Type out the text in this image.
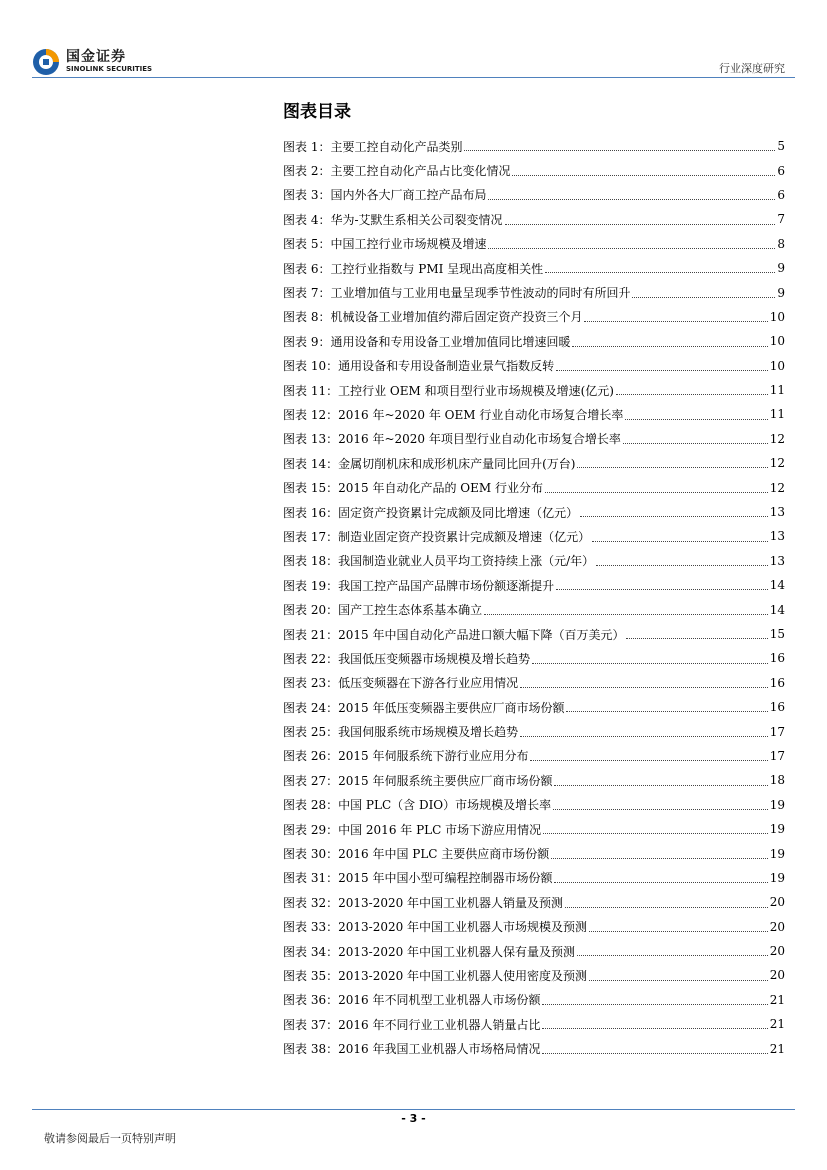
国金证券
SINOLINK SECURITIES	行业深度研究
图表目录
图表 1： 主要工控自动化产品类别	5
图表 2： 主要工控自动化产品占比变化情况	6
图表 3： 国内外各大厂商工控产品布局	6
图表 4： 华为-艾默生系相关公司裂变情况	7
图表 5： 中国工控行业市场规模及增速	8
图表 6： 工控行业指数与 PMI 呈现出高度相关性	9
图表 7： 工业增加值与工业用电量呈现季节性波动的同时有所回升	9
图表 8： 机械设备工业增加值约滞后固定资产投资三个月	10
图表 9： 通用设备和专用设备工业增加值同比增速回暖	10
图表 10： 通用设备和专用设备制造业景气指数反转	10
图表 11： 工控行业 OEM 和项目型行业市场规模及增速(亿元)	11
图表 12： 2016 年~2020 年 OEM 行业自动化市场复合增长率	11
图表 13： 2016 年~2020 年项目型行业自动化市场复合增长率	12
图表 14： 金属切削机床和成形机床产量同比回升(万台)	12
图表 15： 2015 年自动化产品的 OEM 行业分布	12
图表 16： 固定资产投资累计完成额及同比增速（亿元）	13
图表 17： 制造业固定资产投资累计完成额及增速（亿元）	13
图表 18： 我国制造业就业人员平均工资持续上涨（元/年）	13
图表 19： 我国工控产品国产品牌市场份额逐渐提升	14
图表 20： 国产工控生态体系基本确立	14
图表 21： 2015 年中国自动化产品进口额大幅下降（百万美元）	15
图表 22： 我国低压变频器市场规模及增长趋势	16
图表 23： 低压变频器在下游各行业应用情况	16
图表 24： 2015 年低压变频器主要供应厂商市场份额	16
图表 25： 我国伺服系统市场规模及增长趋势	17
图表 26： 2015 年伺服系统下游行业应用分布	17
图表 27： 2015 年伺服系统主要供应厂商市场份额	18
图表 28： 中国 PLC（含 DIO）市场规模及增长率	19
图表 29： 中国 2016 年 PLC 市场下游应用情况	19
图表 30： 2016 年中国 PLC 主要供应商市场份额	19
图表 31： 2015 年中国小型可编程控制器市场份额	19
图表 32： 2013-2020 年中国工业机器人销量及预测	20
图表 33： 2013-2020 年中国工业机器人市场规模及预测	20
图表 34： 2013-2020 年中国工业机器人保有量及预测	20
图表 35： 2013-2020 年中国工业机器人使用密度及预测	20
图表 36： 2016 年不同机型工业机器人市场份额	21
图表 37： 2016 年不同行业工业机器人销量占比	21
图表 38： 2016 年我国工业机器人市场格局情况	21
- 3 -
敬请参阅最后一页特别声明
